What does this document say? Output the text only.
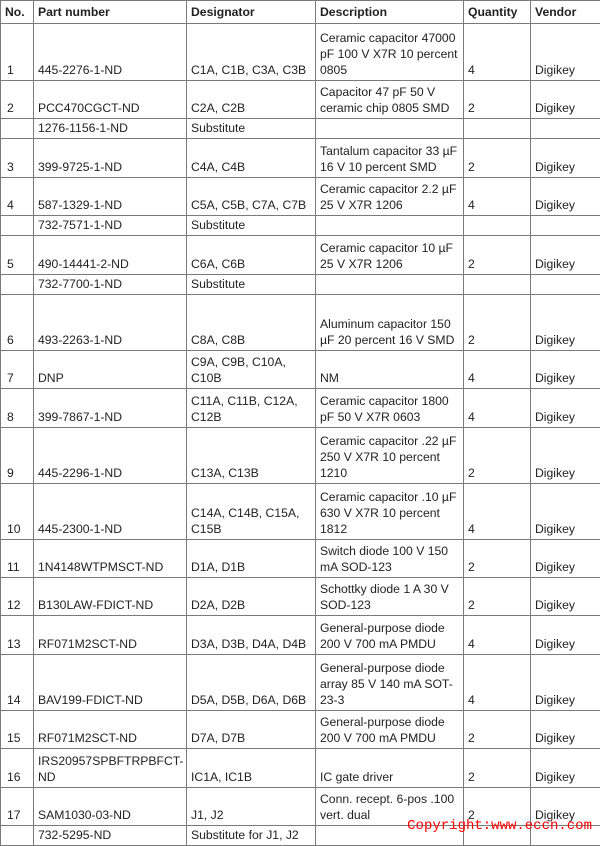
No.	Part number	Designator	Description	Quantity	Vendor
1	445-2276-1-ND	C1A, C1B, C3A, C3B	Ceramic capacitor 47000 pF 100 V X7R 10 percent 0805	4	Digikey
2	PCC470CGCT-ND	C2A, C2B	Capacitor 47 pF 50 V ceramic chip 0805 SMD	2	Digikey
	1276-1156-1-ND	Substitute			
3	399-9725-1-ND	C4A, C4B	Tantalum capacitor 33 µF 16 V 10 percent SMD	2	Digikey
4	587-1329-1-ND	C5A, C5B, C7A, C7B	Ceramic capacitor 2.2 µF 25 V X7R 1206	4	Digikey
	732-7571-1-ND	Substitute			
5	490-14441-2-ND	C6A, C6B	Ceramic capacitor 10 µF 25 V X7R 1206	2	Digikey
	732-7700-1-ND	Substitute			
6	493-2263-1-ND	C8A, C8B	Aluminum capacitor 150 µF 20 percent 16 V SMD	2	Digikey
7	DNP	C9A, C9B, C10A, C10B	NM	4	Digikey
8	399-7867-1-ND	C11A, C11B, C12A, C12B	Ceramic capacitor 1800 pF 50 V X7R 0603	4	Digikey
9	445-2296-1-ND	C13A, C13B	Ceramic capacitor .22 µF 250 V X7R 10 percent 1210	2	Digikey
10	445-2300-1-ND	C14A, C14B, C15A, C15B	Ceramic capacitor .10 µF 630 V X7R 10 percent 1812	4	Digikey
11	1N4148WTPMSCT-ND	D1A, D1B	Switch diode 100 V 150 mA SOD-123	2	Digikey
12	B130LAW-FDICT-ND	D2A, D2B	Schottky diode 1 A 30 V SOD-123	2	Digikey
13	RF071M2SCT-ND	D3A, D3B, D4A, D4B	General-purpose diode 200 V 700 mA PMDU	4	Digikey
14	BAV199-FDICT-ND	D5A, D5B, D6A, D6B	General-purpose diode array 85 V 140 mA SOT-23-3	4	Digikey
15	RF071M2SCT-ND	D7A, D7B	General-purpose diode 200 V 700 mA PMDU	2	Digikey
16	IRS20957SPBFTRPBFCT-ND	IC1A, IC1B	IC gate driver	2	Digikey
17	SAM1030-03-ND	J1, J2	Conn. recept. 6-pos .100 vert. dual	2	Digikey
	732-5295-ND	Substitute for J1, J2			
Copyright:www.eccn.com
